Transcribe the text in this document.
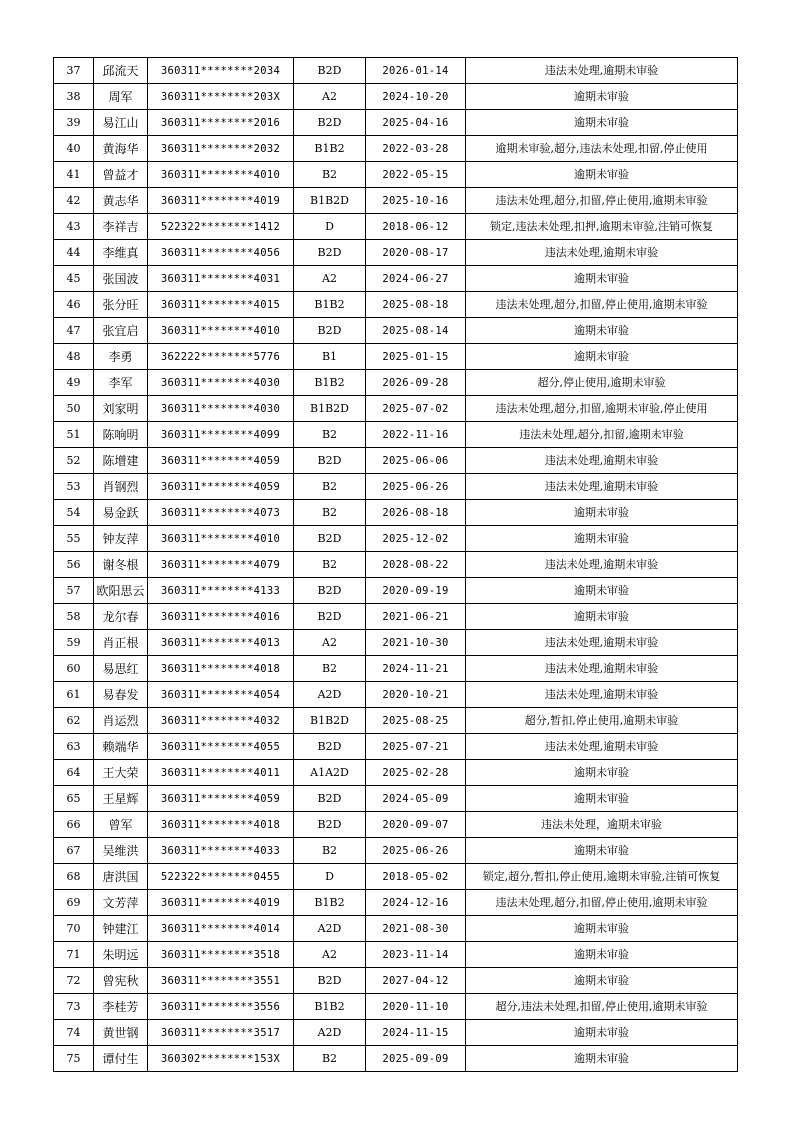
37	邱流天	360311********2034	B2D	2026-01-14	违法未处理,逾期未审验
38	周军	360311********203X	A2	2024-10-20	逾期未审验
39	易江山	360311********2016	B2D	2025-04-16	逾期未审验
40	黄海华	360311********2032	B1B2	2022-03-28	逾期未审验,超分,违法未处理,扣留,停止使用
41	曾益才	360311********4010	B2	2022-05-15	逾期未审验
42	黄志华	360311********4019	B1B2D	2025-10-16	违法未处理,超分,扣留,停止使用,逾期未审验
43	李祥吉	522322********1412	D	2018-06-12	锁定,违法未处理,扣押,逾期未审验,注销可恢复
44	李维真	360311********4056	B2D	2020-08-17	违法未处理,逾期未审验
45	张国波	360311********4031	A2	2024-06-27	逾期未审验
46	张分旺	360311********4015	B1B2	2025-08-18	违法未处理,超分,扣留,停止使用,逾期未审验
47	张宜启	360311********4010	B2D	2025-08-14	逾期未审验
48	李勇	362222********5776	B1	2025-01-15	逾期未审验
49	李军	360311********4030	B1B2	2026-09-28	超分,停止使用,逾期未审验
50	刘家明	360311********4030	B1B2D	2025-07-02	违法未处理,超分,扣留,逾期未审验,停止使用
51	陈响明	360311********4099	B2	2022-11-16	违法未处理,超分,扣留,逾期未审验
52	陈增建	360311********4059	B2D	2025-06-06	违法未处理,逾期未审验
53	肖钢烈	360311********4059	B2	2025-06-26	违法未处理,逾期未审验
54	易金跃	360311********4073	B2	2026-08-18	逾期未审验
55	钟友萍	360311********4010	B2D	2025-12-02	逾期未审验
56	谢冬根	360311********4079	B2	2028-08-22	违法未处理,逾期未审验
57	欧阳思云	360311********4133	B2D	2020-09-19	逾期未审验
58	龙尔春	360311********4016	B2D	2021-06-21	逾期未审验
59	肖正根	360311********4013	A2	2021-10-30	违法未处理,逾期未审验
60	易思红	360311********4018	B2	2024-11-21	违法未处理,逾期未审验
61	易春发	360311********4054	A2D	2020-10-21	违法未处理,逾期未审验
62	肖运烈	360311********4032	B1B2D	2025-08-25	超分,暂扣,停止使用,逾期未审验
63	赖端华	360311********4055	B2D	2025-07-21	违法未处理,逾期未审验
64	王大荣	360311********4011	A1A2D	2025-02-28	逾期未审验
65	王星辉	360311********4059	B2D	2024-05-09	逾期未审验
66	曾军	360311********4018	B2D	2020-09-07	违法未处理，逾期未审验
67	吴维洪	360311********4033	B2	2025-06-26	逾期未审验
68	唐洪国	522322********0455	D	2018-05-02	锁定,超分,暂扣,停止使用,逾期未审验,注销可恢复
69	文芳萍	360311********4019	B1B2	2024-12-16	违法未处理,超分,扣留,停止使用,逾期未审验
70	钟建江	360311********4014	A2D	2021-08-30	逾期未审验
71	朱明远	360311********3518	A2	2023-11-14	逾期未审验
72	曾宪秋	360311********3551	B2D	2027-04-12	逾期未审验
73	李桂芳	360311********3556	B1B2	2020-11-10	超分,违法未处理,扣留,停止使用,逾期未审验
74	黄世钢	360311********3517	A2D	2024-11-15	逾期未审验
75	谭付生	360302********153X	B2	2025-09-09	逾期未审验
